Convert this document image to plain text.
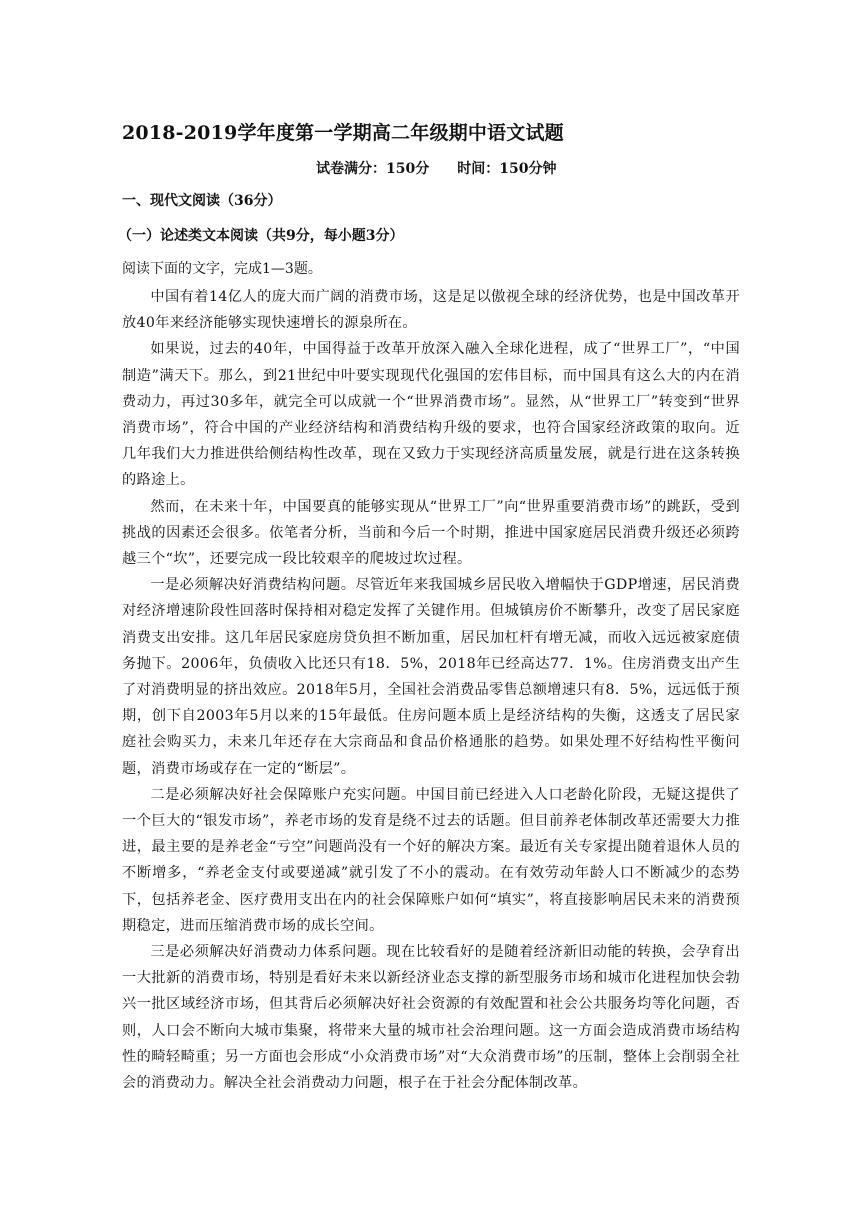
2018-2019学年度第一学期高二年级期中语文试题
试卷满分：150分 时间：150分钟
一、现代文阅读（36分）
（一）论述类文本阅读（共9分，每小题3分）
阅读下面的文字，完成1—3题。

中国有着14亿人的庞大而广阔的消费市场，这是足以傲视全球的经济优势，也是中国改革开放40年来经济能够实现快速增长的源泉所在。

如果说，过去的40年，中国得益于改革开放深入融入全球化进程，成了“世界工厂”，“中国制造”满天下。那么，到21世纪中叶要实现现代化强国的宏伟目标，而中国具有这么大的内在消费动力，再过30多年，就完全可以成就一个“世界消费市场”。显然，从“世界工厂”转变到“世界消费市场”，符合中国的产业经济结构和消费结构升级的要求，也符合国家经济政策的取向。近几年我们大力推进供给侧结构性改革，现在又致力于实现经济高质量发展，就是行进在这条转换的路途上。

然而，在未来十年，中国要真的能够实现从“世界工厂”向“世界重要消费市场”的跳跃，受到挑战的因素还会很多。依笔者分析，当前和今后一个时期，推进中国家庭居民消费升级还必须跨越三个“坎”，还要完成一段比较艰辛的爬坡过坎过程。

一是必须解决好消费结构问题。尽管近年来我国城乡居民收入增幅快于GDP增速，居民消费对经济增速阶段性回落时保持相对稳定发挥了关键作用。但城镇房价不断攀升，改变了居民家庭消费支出安排。这几年居民家庭房贷负担不断加重，居民加杠杆有增无减，而收入远远被家庭债务抛下。2006年，负债收入比还只有18．5%，2018年已经高达77．1%。住房消费支出产生了对消费明显的挤出效应。2018年5月，全国社会消费品零售总额增速只有8．5%，远远低于预期，创下自2003年5月以来的15年最低。住房问题本质上是经济结构的失衡，这透支了居民家庭社会购买力，未来几年还存在大宗商品和食品价格通胀的趋势。如果处理不好结构性平衡问题，消费市场或存在一定的“断层”。

二是必须解决好社会保障账户充实问题。中国目前已经进入人口老龄化阶段，无疑这提供了一个巨大的“银发市场”，养老市场的发育是绕不过去的话题。但目前养老体制改革还需要大力推进，最主要的是养老金“亏空”问题尚没有一个好的解决方案。最近有关专家提出随着退休人员的不断增多，“养老金支付或要递减”就引发了不小的震动。在有效劳动年龄人口不断减少的态势下，包括养老金、医疗费用支出在内的社会保障账户如何“填实”，将直接影响居民未来的消费预期稳定，进而压缩消费市场的成长空间。

三是必须解决好消费动力体系问题。现在比较看好的是随着经济新旧动能的转换，会孕育出一大批新的消费市场，特别是看好未来以新经济业态支撑的新型服务市场和城市化进程加快会勃兴一批区域经济市场，但其背后必须解决好社会资源的有效配置和社会公共服务均等化问题，否则，人口会不断向大城市集聚，将带来大量的城市社会治理问题。这一方面会造成消费市场结构性的畸轻畸重；另一方面也会形成“小众消费市场”对“大众消费市场”的压制，整体上会削弱全社会的消费动力。解决全社会消费动力问题，根子在于社会分配体制改革。
